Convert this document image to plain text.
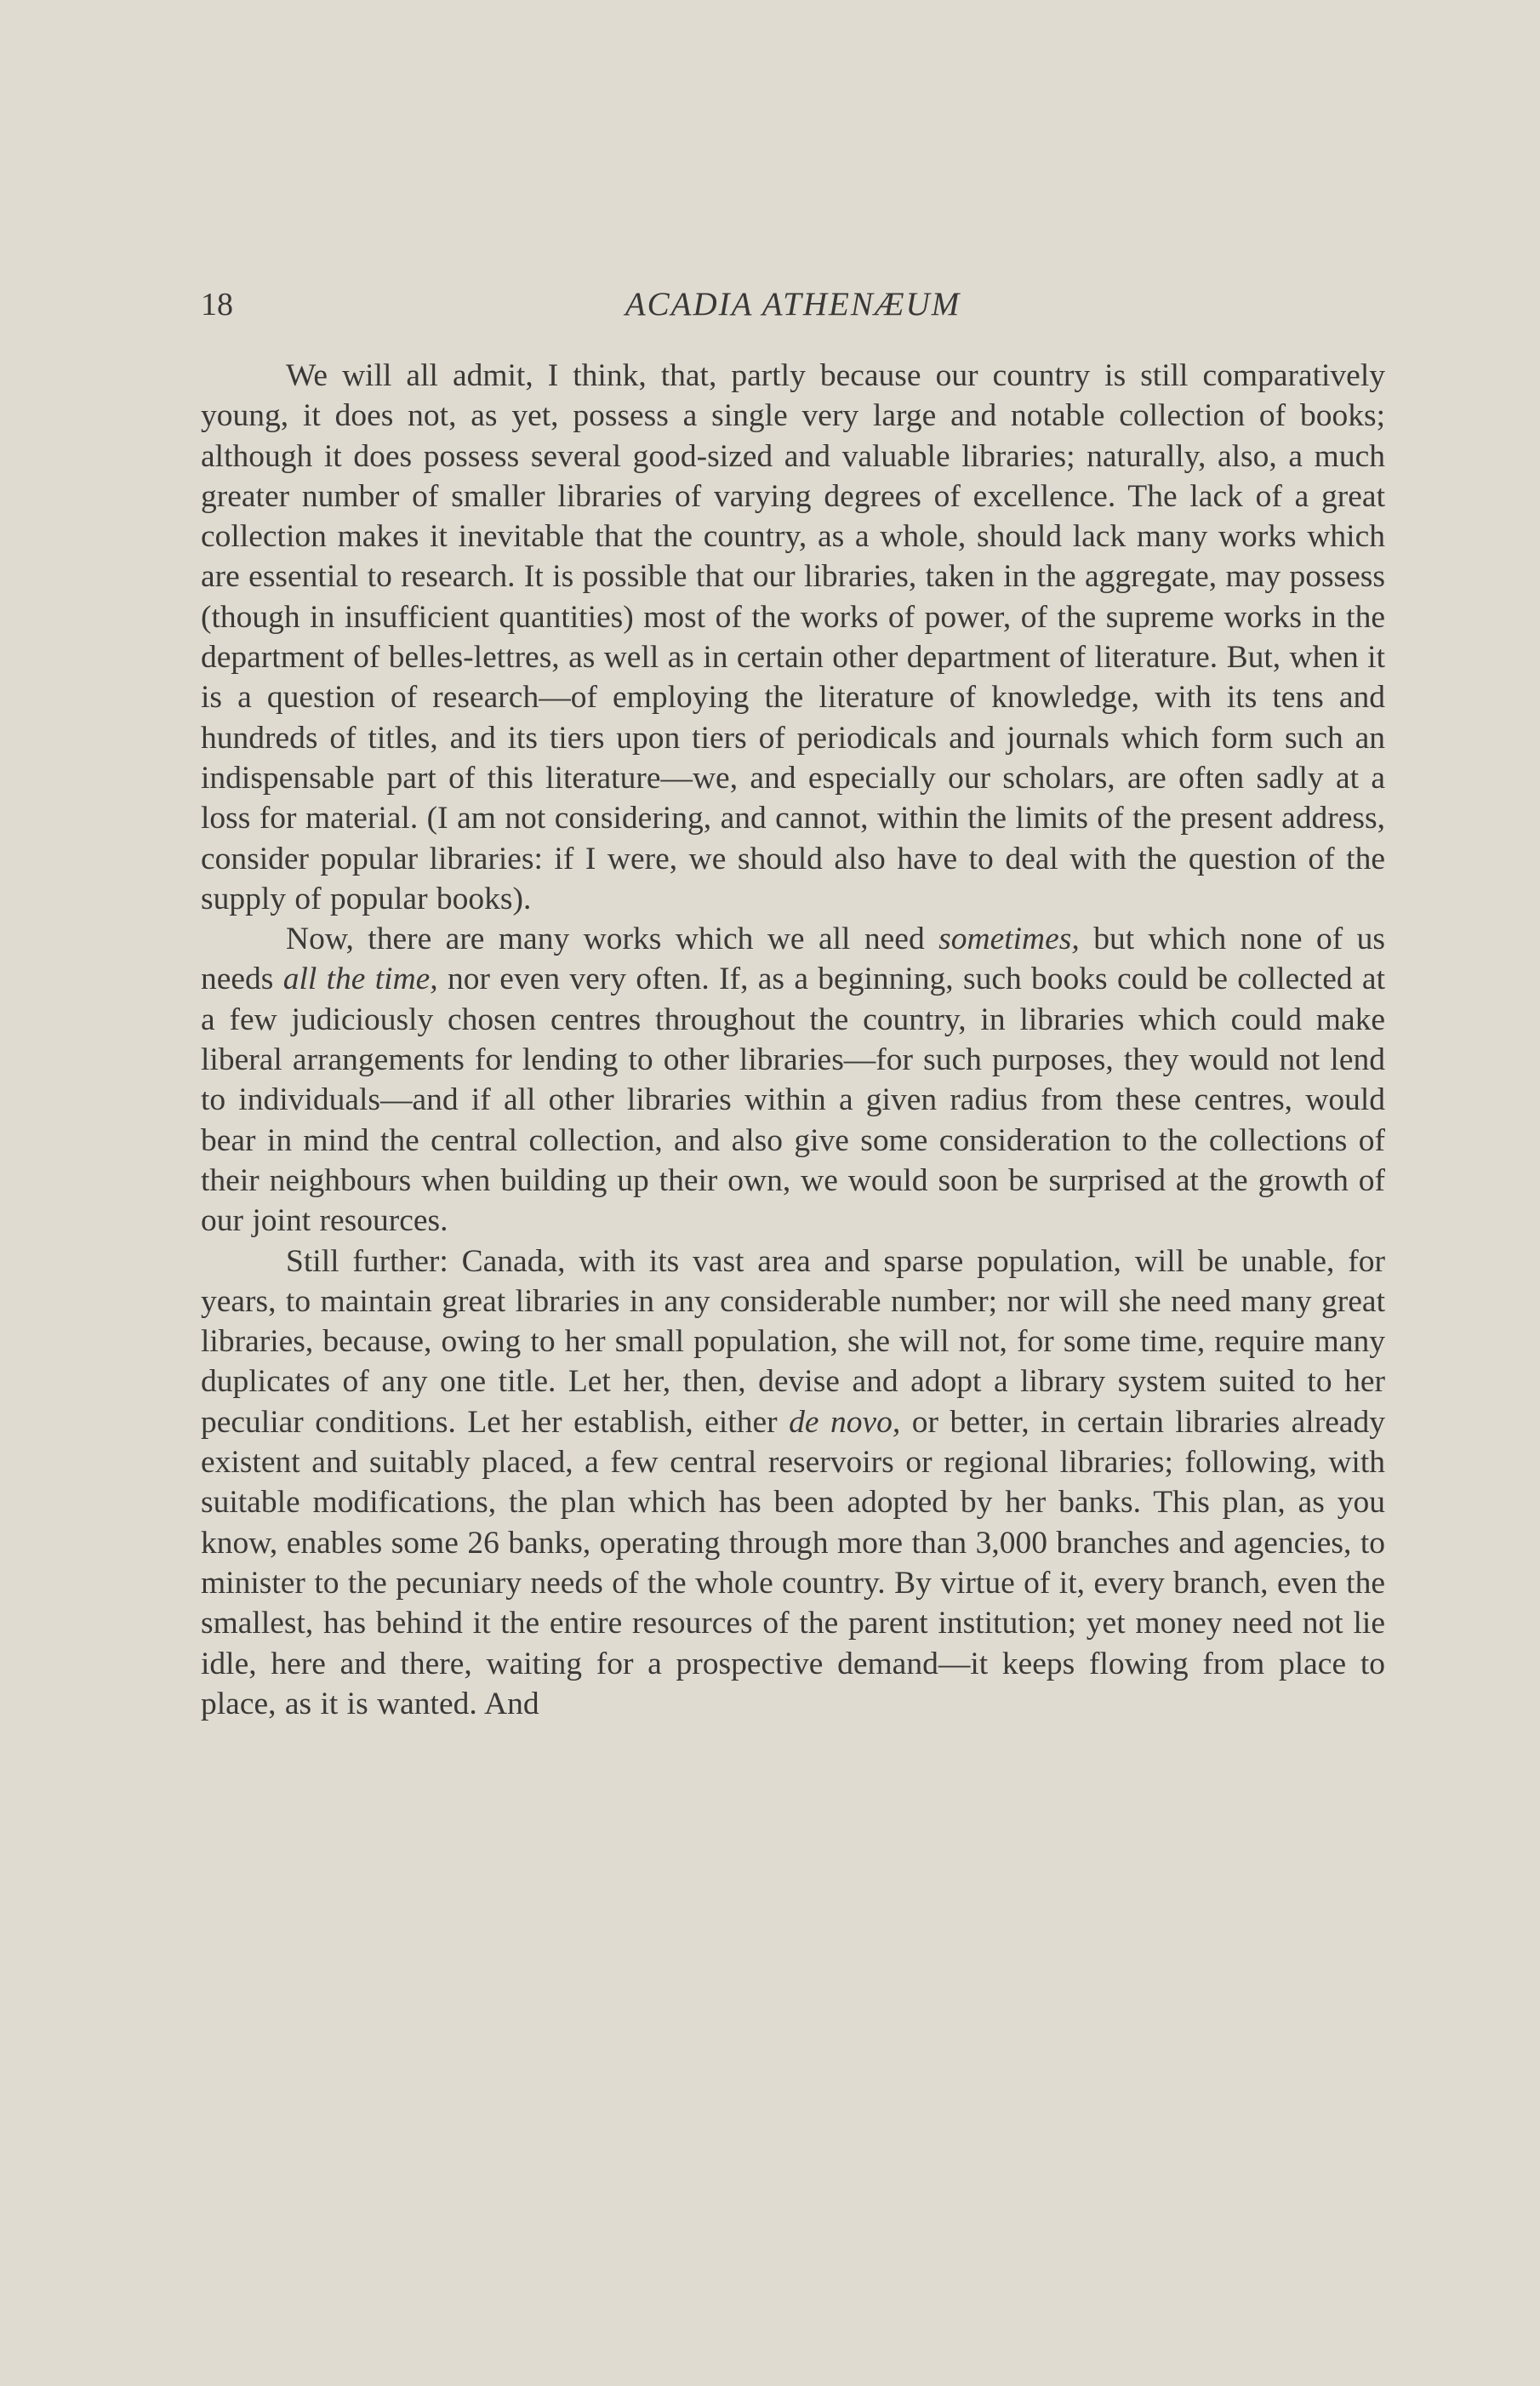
18	ACADIA ATHENÆUM

We will all admit, I think, that, partly because our country is still comparatively young, it does not, as yet, possess a single very large and notable collection of books; although it does possess several good-sized and valuable libraries; naturally, also, a much greater number of smaller libraries of varying degrees of excellence. The lack of a great collection makes it inevitable that the country, as a whole, should lack many works which are essential to research. It is possible that our libraries, taken in the aggregate, may possess (though in insufficient quantities) most of the works of power, of the supreme works in the department of belles-lettres, as well as in certain other department of literature. But, when it is a question of research—of employing the literature of knowledge, with its tens and hundreds of titles, and its tiers upon tiers of periodicals and journals which form such an indispensable part of this literature—we, and especially our scholars, are often sadly at a loss for material. (I am not considering, and cannot, within the limits of the present address, consider popular libraries: if I were, we should also have to deal with the question of the supply of popular books).

Now, there are many works which we all need sometimes, but which none of us needs all the time, nor even very often. If, as a beginning, such books could be collected at a few judiciously chosen centres throughout the country, in libraries which could make liberal arrangements for lending to other libraries—for such purposes, they would not lend to individuals—and if all other libraries within a given radius from these centres, would bear in mind the central collection, and also give some consideration to the collections of their neighbours when building up their own, we would soon be surprised at the growth of our joint resources.

Still further: Canada, with its vast area and sparse population, will be unable, for years, to maintain great libraries in any considerable number; nor will she need many great libraries, because, owing to her small population, she will not, for some time, require many duplicates of any one title. Let her, then, devise and adopt a library system suited to her peculiar conditions. Let her establish, either de novo, or better, in certain libraries already existent and suitably placed, a few central reservoirs or regional libraries; following, with suitable modifications, the plan which has been adopted by her banks. This plan, as you know, enables some 26 banks, operating through more than 3,000 branches and agencies, to minister to the pecuniary needs of the whole country. By virtue of it, every branch, even the smallest, has behind it the entire resources of the parent institution; yet money need not lie idle, here and there, waiting for a prospective demand—it keeps flowing from place to place, as it is wanted. And
